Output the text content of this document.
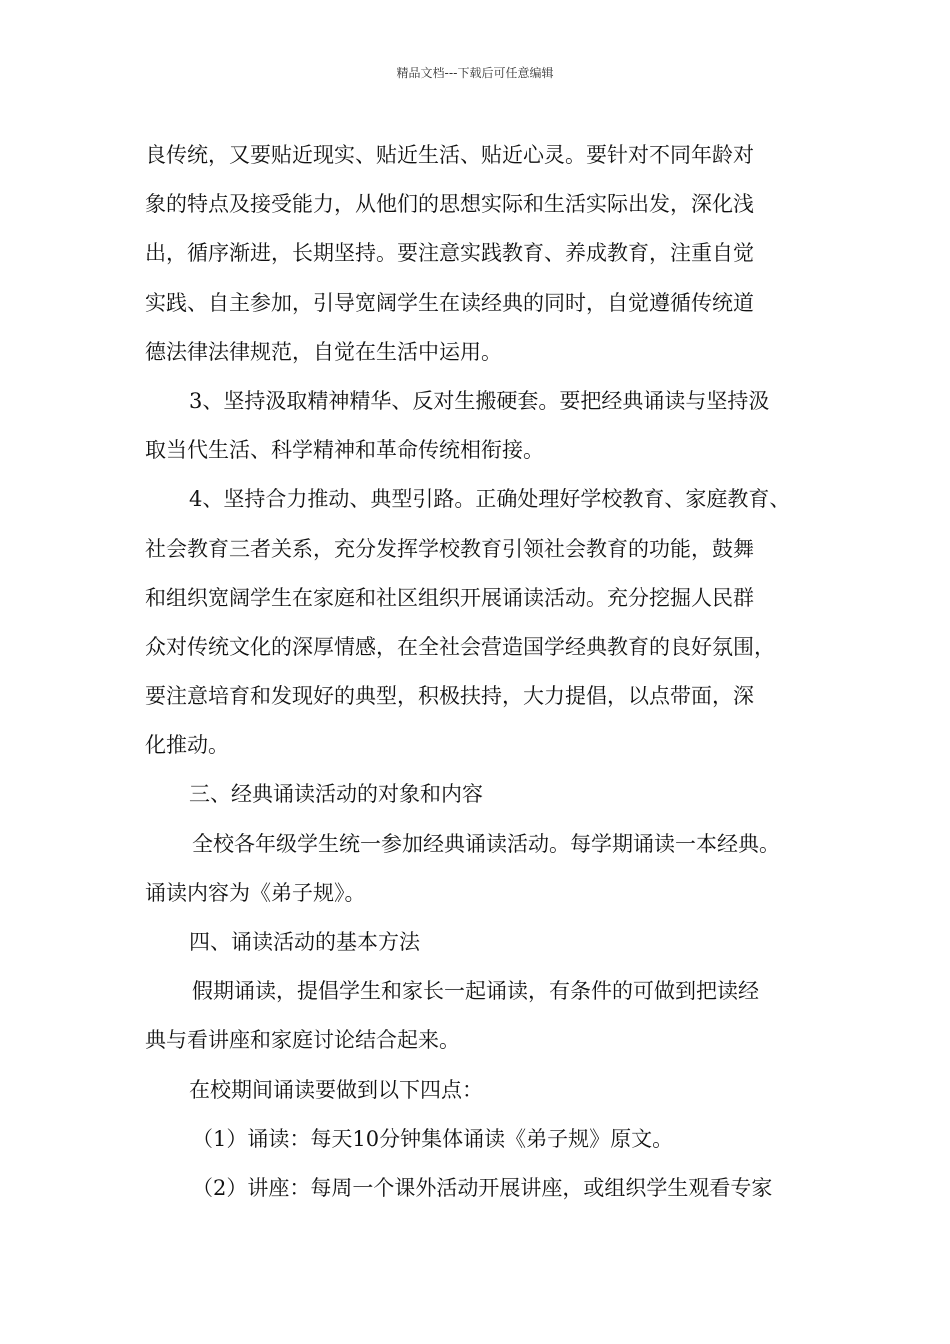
精品文档---下载后可任意编辑
良传统，又要贴近现实、贴近生活、贴近心灵。要针对不同年龄对
象的特点及接受能力，从他们的思想实际和生活实际出发，深化浅
出，循序渐进，长期坚持。要注意实践教育、养成教育，注重自觉
实践、自主参加，引导宽阔学生在读经典的同时，自觉遵循传统道
德法律法律规范，自觉在生活中运用。
3、坚持汲取精神精华、反对生搬硬套。要把经典诵读与坚持汲
取当代生活、科学精神和革命传统相衔接。
4、坚持合力推动、典型引路。正确处理好学校教育、家庭教育、
社会教育三者关系，充分发挥学校教育引领社会教育的功能，鼓舞
和组织宽阔学生在家庭和社区组织开展诵读活动。充分挖掘人民群
众对传统文化的深厚情感，在全社会营造国学经典教育的良好氛围，
要注意培育和发现好的典型，积极扶持，大力提倡，以点带面，深
化推动。
三、经典诵读活动的对象和内容
全校各年级学生统一参加经典诵读活动。每学期诵读一本经典。
诵读内容为《弟子规》。
四、诵读活动的基本方法
假期诵读，提倡学生和家长一起诵读，有条件的可做到把读经
典与看讲座和家庭讨论结合起来。
在校期间诵读要做到以下四点：
（1）诵读：每天10分钟集体诵读《弟子规》原文。
（2）讲座：每周一个课外活动开展讲座，或组织学生观看专家
